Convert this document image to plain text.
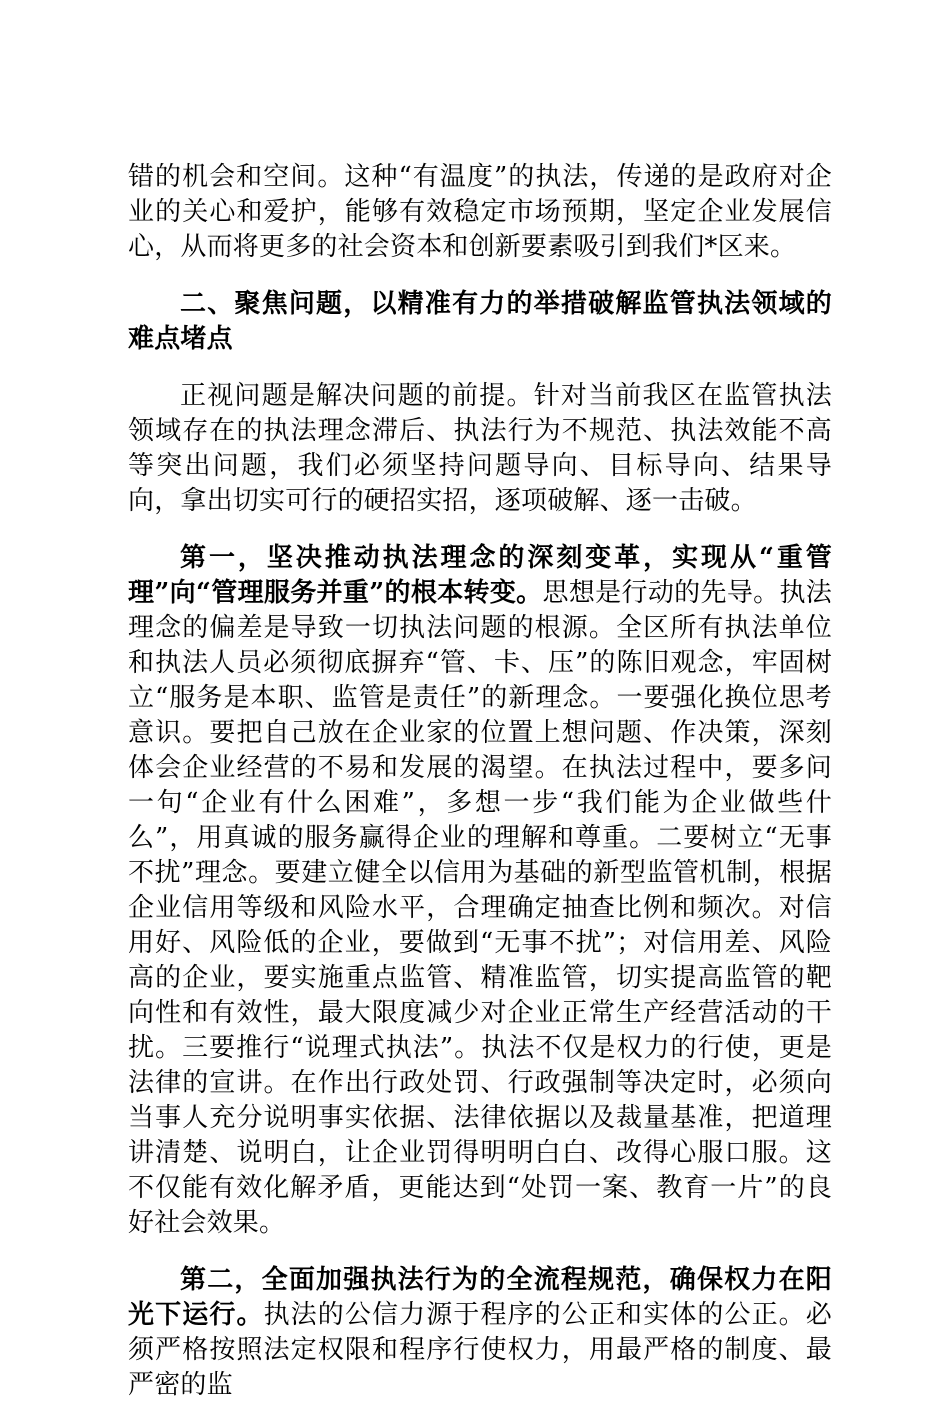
错的机会和空间。这种“有温度”的执法，传递的是政府对企业的关心和爱护，能够有效稳定市场预期，坚定企业发展信心，从而将更多的社会资本和创新要素吸引到我们*区来。

二、聚焦问题，以精准有力的举措破解监管执法领域的难点堵点

正视问题是解决问题的前提。针对当前我区在监管执法领域存在的执法理念滞后、执法行为不规范、执法效能不高等突出问题，我们必须坚持问题导向、目标导向、结果导向，拿出切实可行的硬招实招，逐项破解、逐一击破。

第一，坚决推动执法理念的深刻变革，实现从“重管理”向“管理服务并重”的根本转变。思想是行动的先导。执法理念的偏差是导致一切执法问题的根源。全区所有执法单位和执法人员必须彻底摒弃“管、卡、压”的陈旧观念，牢固树立“服务是本职、监管是责任”的新理念。一要强化换位思考意识。要把自己放在企业家的位置上想问题、作决策，深刻体会企业经营的不易和发展的渴望。在执法过程中，要多问一句“企业有什么困难”，多想一步“我们能为企业做些什么”，用真诚的服务赢得企业的理解和尊重。二要树立“无事不扰”理念。要建立健全以信用为基础的新型监管机制，根据企业信用等级和风险水平，合理确定抽查比例和频次。对信用好、风险低的企业，要做到“无事不扰”；对信用差、风险高的企业，要实施重点监管、精准监管，切实提高监管的靶向性和有效性，最大限度减少对企业正常生产经营活动的干扰。三要推行“说理式执法”。执法不仅是权力的行使，更是法律的宣讲。在作出行政处罚、行政强制等决定时，必须向当事人充分说明事实依据、法律依据以及裁量基准，把道理讲清楚、说明白，让企业罚得明明白白、改得心服口服。这不仅能有效化解矛盾，更能达到“处罚一案、教育一片”的良好社会效果。

第二，全面加强执法行为的全流程规范，确保权力在阳光下运行。执法的公信力源于程序的公正和实体的公正。必须严格按照法定权限和程序行使权力，用最严格的制度、最严密的监
